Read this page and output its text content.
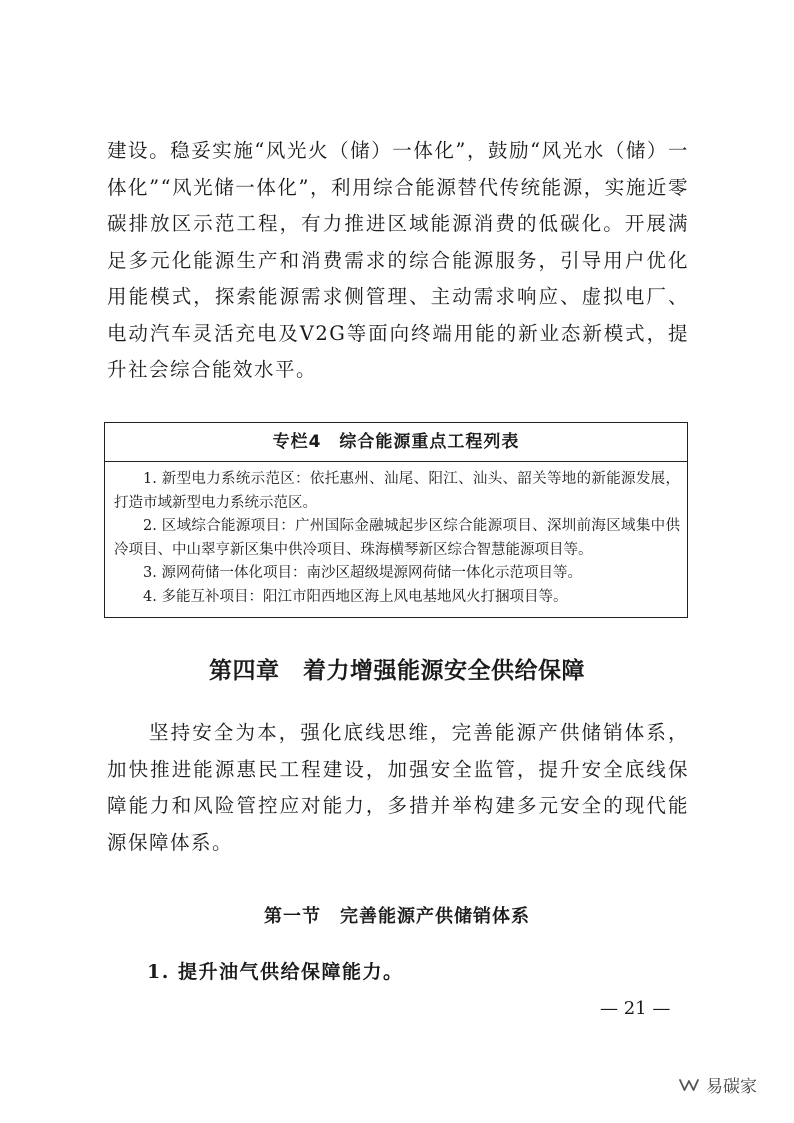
建设。稳妥实施“风光火（储）一体化”，鼓励“风光水（储）一体化”“风光储一体化”，利用综合能源替代传统能源，实施近零碳排放区示范工程，有力推进区域能源消费的低碳化。开展满足多元化能源生产和消费需求的综合能源服务，引导用户优化用能模式，探索能源需求侧管理、主动需求响应、虚拟电厂、电动汽车灵活充电及V2G等面向终端用能的新业态新模式，提升社会综合能效水平。

专栏4　综合能源重点工程列表

1. 新型电力系统示范区：依托惠州、汕尾、阳江、汕头、韶关等地的新能源发展，打造市域新型电力系统示范区。

2. 区域综合能源项目：广州国际金融城起步区综合能源项目、深圳前海区域集中供冷项目、中山翠亨新区集中供冷项目、珠海横琴新区综合智慧能源项目等。

3. 源网荷储一体化项目：南沙区超级堤源网荷储一体化示范项目等。

4. 多能互补项目：阳江市阳西地区海上风电基地风火打捆项目等。

第四章　着力增强能源安全供给保障

坚持安全为本，强化底线思维，完善能源产供储销体系，加快推进能源惠民工程建设，加强安全监管，提升安全底线保障能力和风险管控应对能力，多措并举构建多元安全的现代能源保障体系。

第一节　完善能源产供储销体系
1. 提升油气供给保障能力。
— 21 —
易碳家
